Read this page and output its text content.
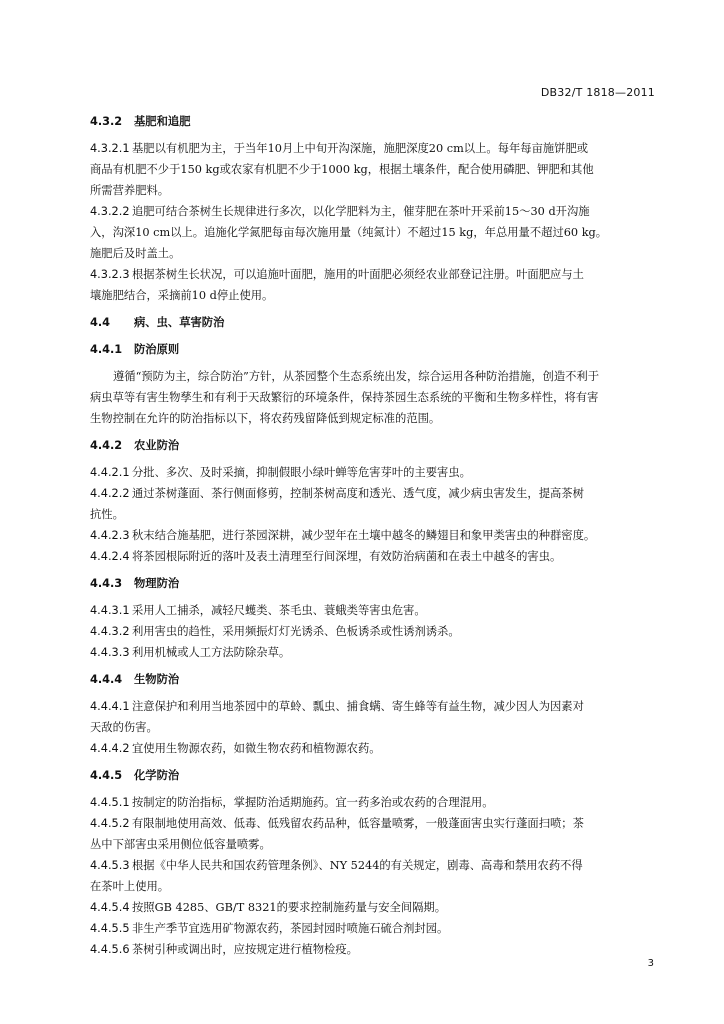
DB32/T 1818—2011
4.3.2 基肥和追肥
4.3.2.1 基肥以有机肥为主，于当年10月上中旬开沟深施，施肥深度20 cm以上。每年每亩施饼肥或
商品有机肥不少于150 kg或农家有机肥不少于1000 kg，根据土壤条件，配合使用磷肥、钾肥和其他
所需营养肥料。
4.3.2.2 追肥可结合茶树生长规律进行多次，以化学肥料为主，催芽肥在茶叶开采前15～30 d开沟施
入，沟深10 cm以上。追施化学氮肥每亩每次施用量（纯氮计）不超过15 kg，年总用量不超过60 kg。
施肥后及时盖土。
4.3.2.3 根据茶树生长状况，可以追施叶面肥，施用的叶面肥必须经农业部登记注册。叶面肥应与土
壤施肥结合，采摘前10 d停止使用。
4.4 病、虫、草害防治
4.4.1 防治原则
遵循“预防为主，综合防治”方针，从茶园整个生态系统出发，综合运用各种防治措施，创造不利于
病虫草等有害生物孳生和有利于天敌繁衍的环境条件，保持茶园生态系统的平衡和生物多样性，将有害
生物控制在允许的防治指标以下，将农药残留降低到规定标准的范围。
4.4.2 农业防治
4.4.2.1 分批、多次、及时采摘，抑制假眼小绿叶蝉等危害芽叶的主要害虫。
4.4.2.2 通过茶树蓬面、茶行侧面修剪，控制茶树高度和透光、透气度，减少病虫害发生，提高茶树
抗性。
4.4.2.3 秋末结合施基肥，进行茶园深耕，减少翌年在土壤中越冬的鳞翅目和象甲类害虫的种群密度。
4.4.2.4 将茶园根际附近的落叶及表土清理至行间深埋，有效防治病菌和在表土中越冬的害虫。
4.4.3 物理防治
4.4.3.1 采用人工捕杀，减轻尺蠖类、茶毛虫、蓑蛾类等害虫危害。
4.4.3.2 利用害虫的趋性，采用频振灯灯光诱杀、色板诱杀或性诱剂诱杀。
4.4.3.3 利用机械或人工方法防除杂草。
4.4.4 生物防治
4.4.4.1 注意保护和利用当地茶园中的草蛉、瓢虫、捕食螨、寄生蜂等有益生物，减少因人为因素对
天敌的伤害。
4.4.4.2 宜使用生物源农药，如微生物农药和植物源农药。
4.4.5 化学防治
4.4.5.1 按制定的防治指标，掌握防治适期施药。宜一药多治或农药的合理混用。
4.4.5.2 有限制地使用高效、低毒、低残留农药品种，低容量喷雾，一般蓬面害虫实行蓬面扫喷；茶
丛中下部害虫采用侧位低容量喷雾。
4.4.5.3 根据《中华人民共和国农药管理条例》、NY 5244的有关规定，剧毒、高毒和禁用农药不得
在茶叶上使用。
4.4.5.4 按照GB 4285、GB/T 8321的要求控制施药量与安全间隔期。
4.4.5.5 非生产季节宜选用矿物源农药，茶园封园时喷施石硫合剂封园。
4.4.5.6 茶树引种或调出时，应按规定进行植物检疫。
3
